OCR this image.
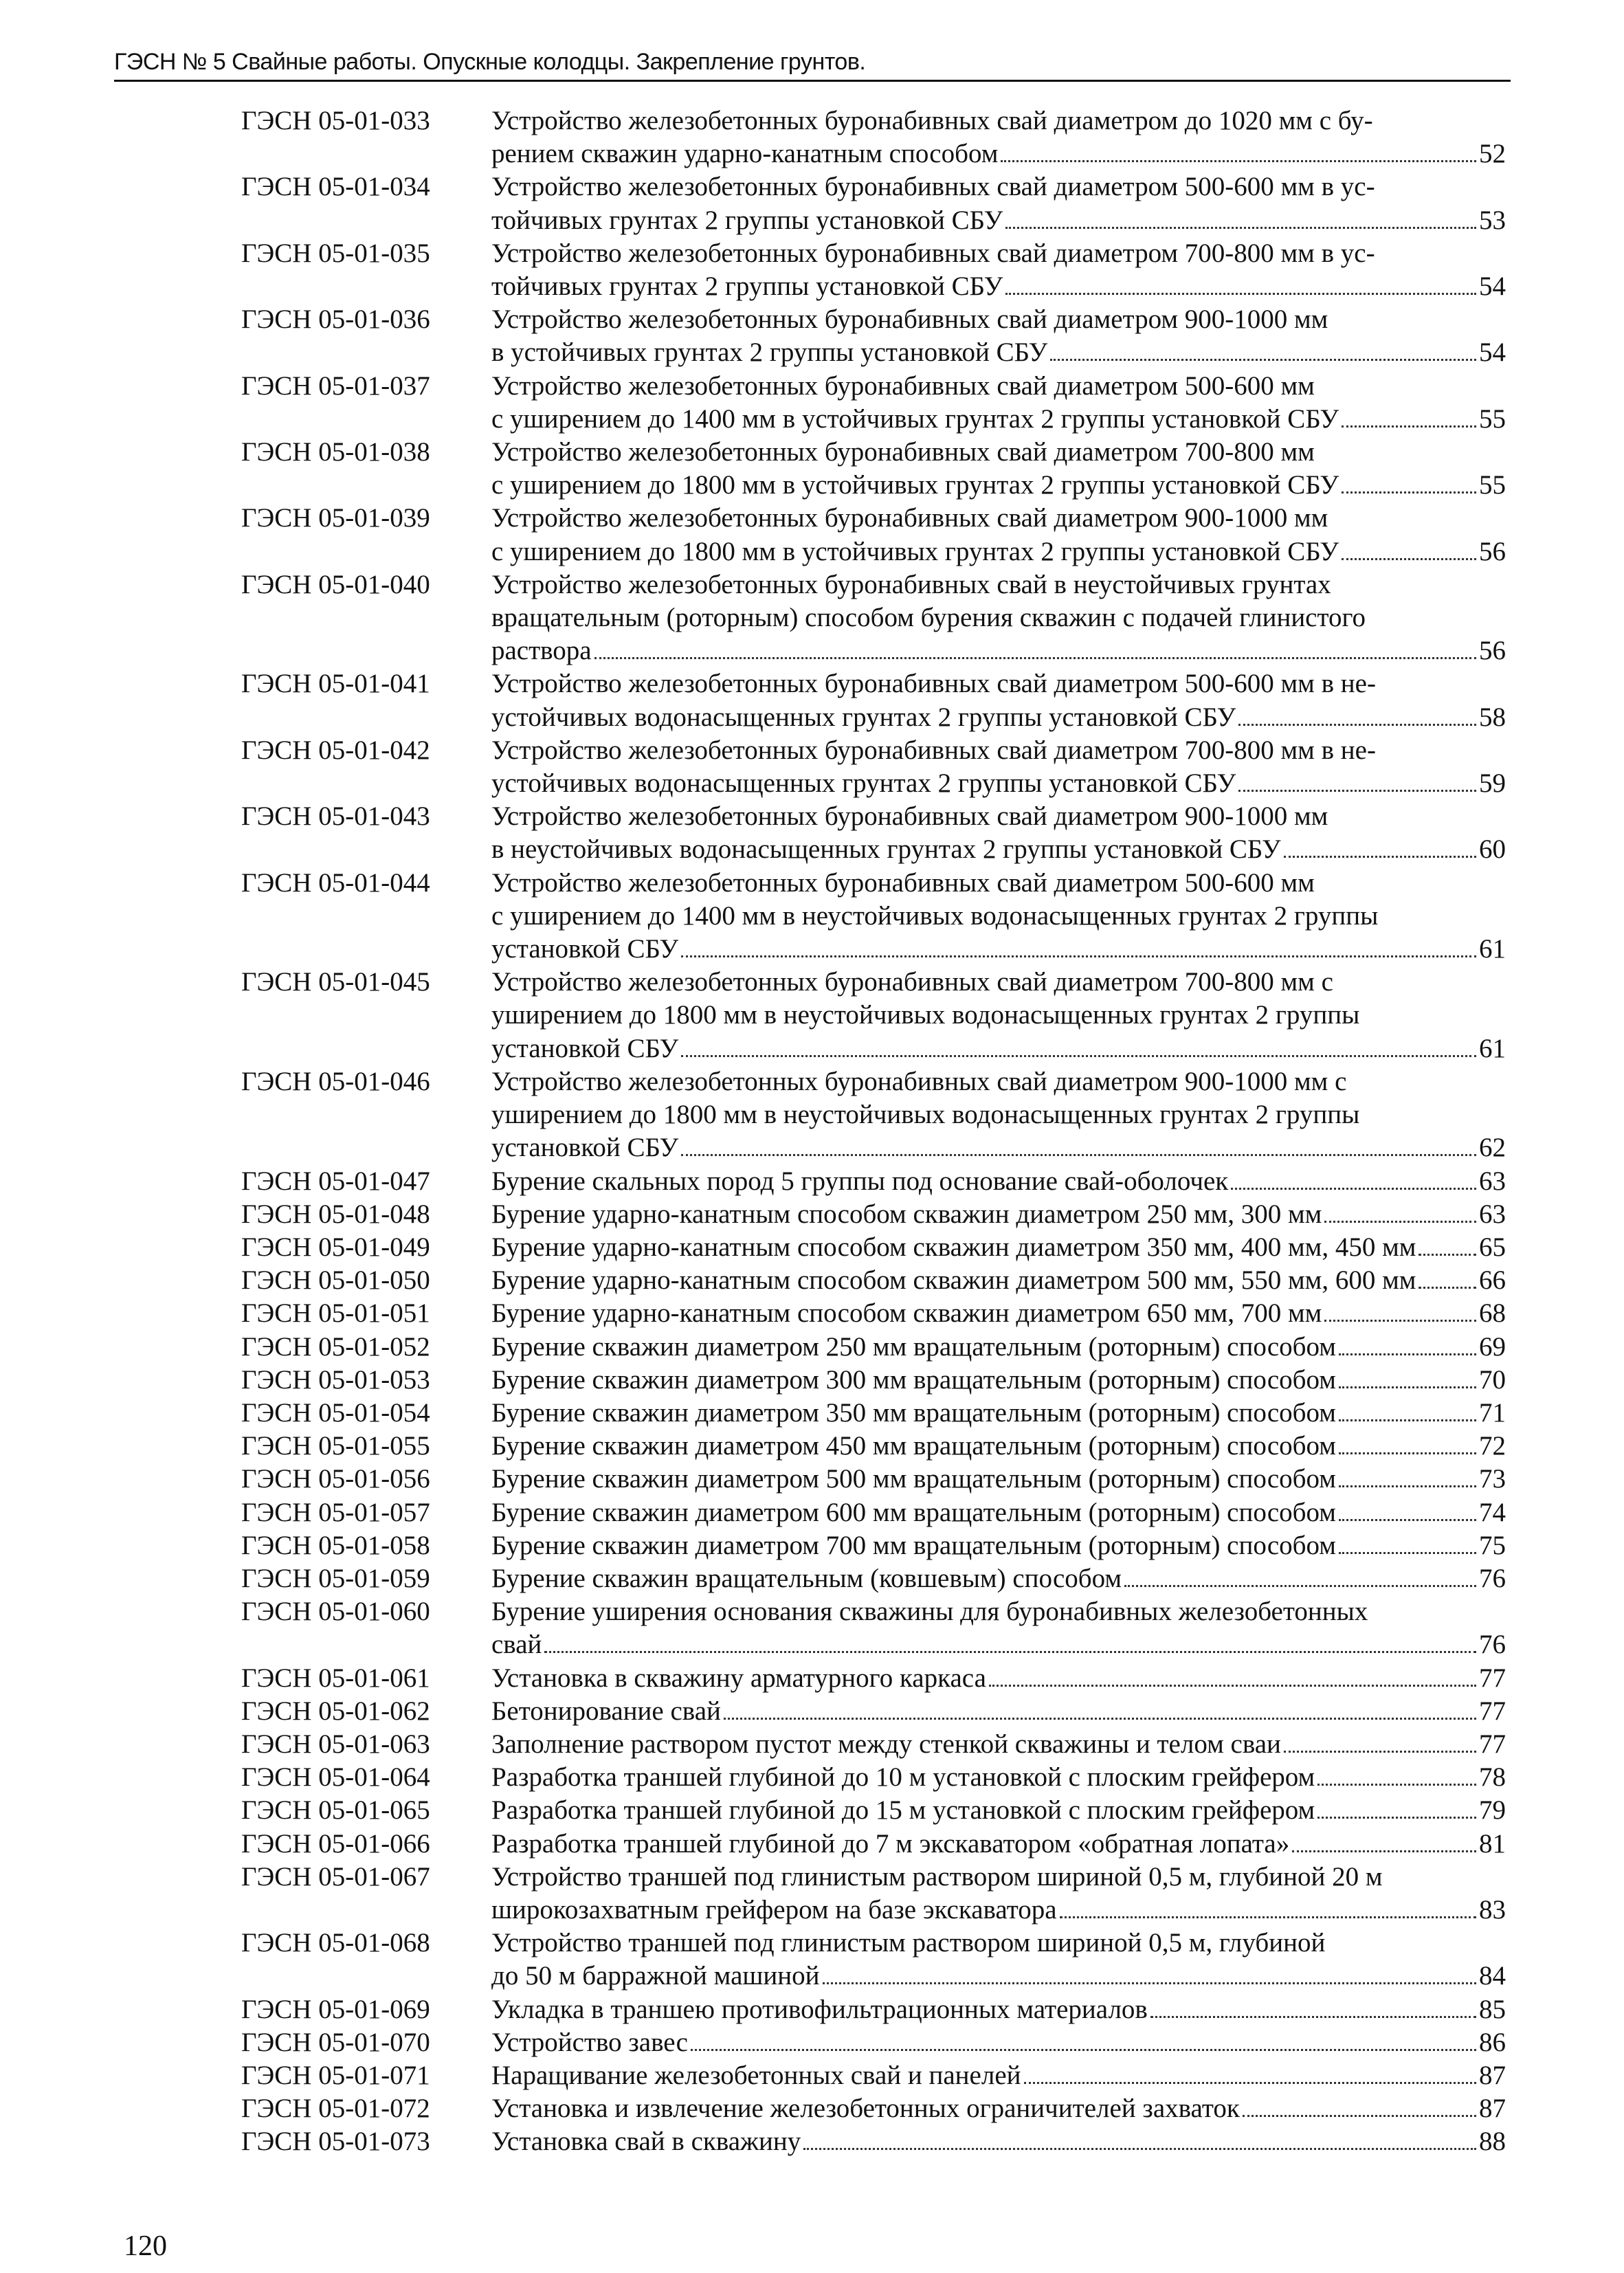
ГЭСН № 5 Свайные работы. Опускные колодцы. Закрепление грунтов.
ГЭСН 05-01-033	Устройство железобетонных буронабивных свай диаметром до 1020 мм с бу-
рением скважин ударно-канатным способом	52
ГЭСН 05-01-034	Устройство железобетонных буронабивных свай диаметром 500-600 мм в ус-
тойчивых грунтах 2 группы установкой СБУ	53
ГЭСН 05-01-035	Устройство железобетонных буронабивных свай диаметром 700-800 мм в ус-
тойчивых грунтах 2 группы установкой СБУ	54
ГЭСН 05-01-036	Устройство железобетонных буронабивных свай диаметром 900-1000 мм
в устойчивых грунтах 2 группы установкой СБУ	54
ГЭСН 05-01-037	Устройство железобетонных буронабивных свай диаметром 500-600 мм
с уширением до 1400 мм в устойчивых грунтах 2 группы установкой СБУ	55
ГЭСН 05-01-038	Устройство железобетонных буронабивных свай диаметром 700-800 мм
с уширением до 1800 мм в устойчивых грунтах 2 группы установкой СБУ	55
ГЭСН 05-01-039	Устройство железобетонных буронабивных свай диаметром 900-1000 мм
с уширением до 1800 мм в устойчивых грунтах 2 группы установкой СБУ	56
ГЭСН 05-01-040	Устройство железобетонных буронабивных свай в неустойчивых грунтах
вращательным (роторным) способом бурения скважин с подачей глинистого
раствора	56
ГЭСН 05-01-041	Устройство железобетонных буронабивных свай диаметром 500-600 мм в не-
устойчивых водонасыщенных грунтах 2 группы установкой СБУ	58
ГЭСН 05-01-042	Устройство железобетонных буронабивных свай диаметром 700-800 мм в не-
устойчивых водонасыщенных грунтах 2 группы установкой СБУ	59
ГЭСН 05-01-043	Устройство железобетонных буронабивных свай диаметром 900-1000 мм
в неустойчивых водонасыщенных грунтах 2 группы установкой СБУ	60
ГЭСН 05-01-044	Устройство железобетонных буронабивных свай диаметром 500-600 мм
с уширением до 1400 мм в неустойчивых водонасыщенных грунтах 2 группы
установкой СБУ	61
ГЭСН 05-01-045	Устройство железобетонных буронабивных свай диаметром 700-800 мм с
уширением до 1800 мм в неустойчивых водонасыщенных грунтах 2 группы
установкой СБУ	61
ГЭСН 05-01-046	Устройство железобетонных буронабивных свай диаметром 900-1000 мм с
уширением до 1800 мм в неустойчивых водонасыщенных грунтах 2 группы
установкой СБУ	62
ГЭСН 05-01-047	Бурение скальных пород 5 группы под основание свай-оболочек	63
ГЭСН 05-01-048	Бурение ударно-канатным способом скважин диаметром 250 мм, 300 мм	63
ГЭСН 05-01-049	Бурение ударно-канатным способом скважин диаметром 350 мм, 400 мм, 450 мм 65
ГЭСН 05-01-050	Бурение ударно-канатным способом скважин диаметром 500 мм, 550 мм, 600 мм 66
ГЭСН 05-01-051	Бурение ударно-канатным способом скважин диаметром 650 мм, 700 мм	68
ГЭСН 05-01-052	Бурение скважин диаметром 250 мм вращательным (роторным) способом	69
ГЭСН 05-01-053	Бурение скважин диаметром 300 мм вращательным (роторным) способом	70
ГЭСН 05-01-054	Бурение скважин диаметром 350 мм вращательным (роторным) способом	71
ГЭСН 05-01-055	Бурение скважин диаметром 450 мм вращательным (роторным) способом	72
ГЭСН 05-01-056	Бурение скважин диаметром 500 мм вращательным (роторным) способом	73
ГЭСН 05-01-057	Бурение скважин диаметром 600 мм вращательным (роторным) способом	74
ГЭСН 05-01-058	Бурение скважин диаметром 700 мм вращательным (роторным) способом	75
ГЭСН 05-01-059	Бурение скважин вращательным (ковшевым) способом	76
ГЭСН 05-01-060	Бурение уширения основания скважины для буронабивных железобетонных
свай	76
ГЭСН 05-01-061	Установка в скважину арматурного каркаса	77
ГЭСН 05-01-062	Бетонирование свай	77
ГЭСН 05-01-063	Заполнение раствором пустот между стенкой скважины и телом сваи	77
ГЭСН 05-01-064	Разработка траншей глубиной до 10 м установкой с плоским грейфером	78
ГЭСН 05-01-065	Разработка траншей глубиной до 15 м установкой с плоским грейфером	79
ГЭСН 05-01-066	Разработка траншей глубиной до 7 м экскаватором «обратная лопата»	81
ГЭСН 05-01-067	Устройство траншей под глинистым раствором шириной 0,5 м, глубиной 20 м
широкозахватным грейфером на базе экскаватора	83
ГЭСН 05-01-068	Устройство траншей под глинистым раствором шириной 0,5 м, глубиной
до 50 м барражной машиной	84
ГЭСН 05-01-069	Укладка в траншею противофильтрационных материалов	85
ГЭСН 05-01-070	Устройство завес	86
ГЭСН 05-01-071	Наращивание железобетонных свай и панелей	87
ГЭСН 05-01-072	Установка и извлечение железобетонных ограничителей захваток	87
ГЭСН 05-01-073	Установка свай в скважину	88
120
